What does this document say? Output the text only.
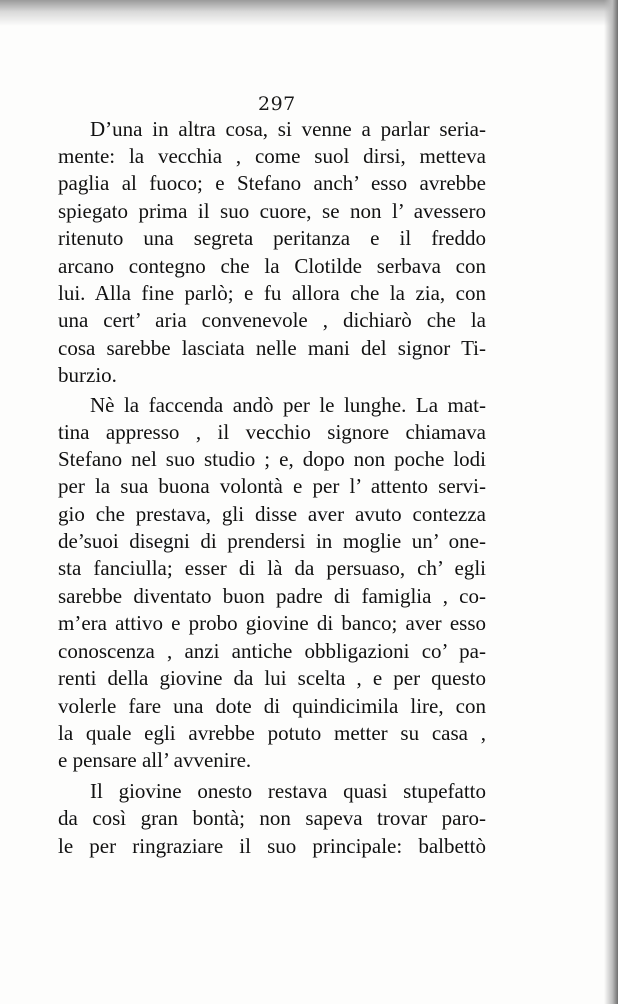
297
D’una in altra cosa, si venne a parlar seria-
mente: la vecchia , come suol dirsi, metteva
paglia al fuoco; e Stefano anch’ esso avrebbe
spiegato prima il suo cuore, se non l’ avessero
ritenuto una segreta peritanza e il freddo
arcano contegno che la Clotilde serbava con
lui. Alla fine parlò; e fu allora che la zia, con
una cert’ aria convenevole , dichiarò che la
cosa sarebbe lasciata nelle mani del signor Ti-
burzio.
Nè la faccenda andò per le lunghe. La mat-
tina appresso , il vecchio signore chiamava
Stefano nel suo studio ; e, dopo non poche lodi
per la sua buona volontà e per l’ attento servi-
gio che prestava, gli disse aver avuto contezza
de’suoi disegni di prendersi in moglie un’ one-
sta fanciulla; esser di là da persuaso, ch’ egli
sarebbe diventato buon padre di famiglia , co-
m’era attivo e probo giovine di banco; aver esso
conoscenza , anzi antiche obbligazioni co’ pa-
renti della giovine da lui scelta , e per questo
volerle fare una dote di quindicimila lire, con
la quale egli avrebbe potuto metter su casa ,
e pensare all’ avvenire.
Il giovine onesto restava quasi stupefatto
da così gran bontà; non sapeva trovar paro-
le per ringraziare il suo principale: balbettò
